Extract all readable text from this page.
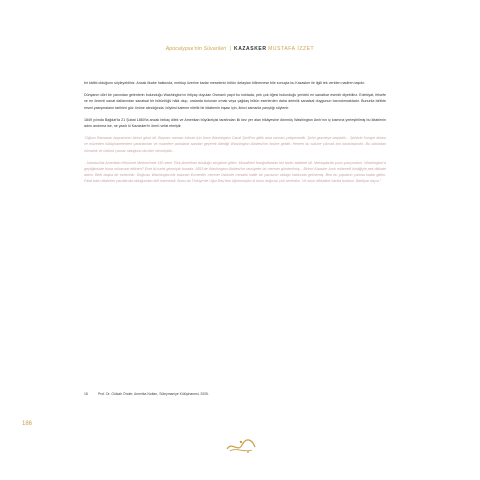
Apocalypse'nin Süvarileri | KAZASKER MUSTAFA İZZET

bir kâtibi olduğunu söyleyebiliriz. Ancak ilkabe hakkında, mektup üzerine kadar meselenin bütün detayları bilinemese bile sonuçta bu Kazasker ile ilgili tek veriden nadiren taşıdır.

Dünyanın dört bir yanından gelenlerin bulunduğu Washington'ın ihtiyaç duyulan Osmanlı yapıt bu noktada, pek çok öğesi bulunduğu yerdeki en sanatkar eserdir diyebiliriz. Edebiyat, felsefe ve en önemli sanat dallarından sanatsal bir bütünlüğü hâlâ olup, oralarda bulunan ırmak veya çağdaş bütün eserlerden daha derinlik sanatsal duygunun barındırmaktadır. Bununla birlikte resmi yazışmaların tarihleri göz önüne alındığında, böylesi kaleme nitelik bir kitabenin inşası için, ikinci zamanla yarıştığı söylenir.

1849 yılında Bağdat'ta 21 Şubat 1860'ta ancak birkaç dilek ve Amerikan büyükelçisi tarafından ilk kez yer alan hikâyesine dönmüş Washington Anıtı'nın iç kısmına yerleştirilmiş bu kitabenin adını andırma ise, ne yazık ki Kazasker'in ömrü vefat etmiştir.

“Oğlum Ramazan bayramının birinci günü idi. Bayram namazı kılmak için önce Washington Camii Şerifi’ne gittik ama namazı yetişemedik. Şehri gezmeye başladık... Şehirde Kongre binası ve müzeden kütüphanelerden yararlanılan ve müzelere pahalanlı sandan geçerek dilediği Washington Abidesi’nin önüne geldik. Hemen bu sütune çıkmak için kararlaştırdık. Bu sütûndan mimarlık ve üstünü çamaz olduğunu da izler sörmüştük...

...İstanbul’da Amerikan Hükumet Merkezi’nde 150 sene Türk-Amerikan dostluğu sergisine gittim. Mozaikleri fotoğraflardan biri bizim abidede idi. Mektuplarda şunu yazıyordum. Washington’a geçtiğimizde buna müracaat ettikten? Evet iki turist gezmiştir burada. 1853’de Washington Abidesi’ne tavsiyeler bir mermer gönderilmiş... Birinci Kaasker Anıtı mütevelli kimliğiyle pek dikkate aldım. Bellî başka bir ezberinin. Doğrusu Washington’da bulunan Ermeniler mermer üstünde mesaiki kafile bir yazısının olduğu hakkında gelmemiş. Ben bu yapıların yanına kadar gittim. Falat balcı kitabeler yazıtlarıda olduğundan bile istemezdi. Bunu da Türkiye’de Uğur Bey’den öğrenmiştim ki bunu doğrusu çok sevindim. Ve onun dikkatine harika buldum. Bahtiyar dayın.”

18	Prof. Dr. Gülsah Önder, Amerika Notları, Süleymaniye Kütüphanesi, 2005.
186
